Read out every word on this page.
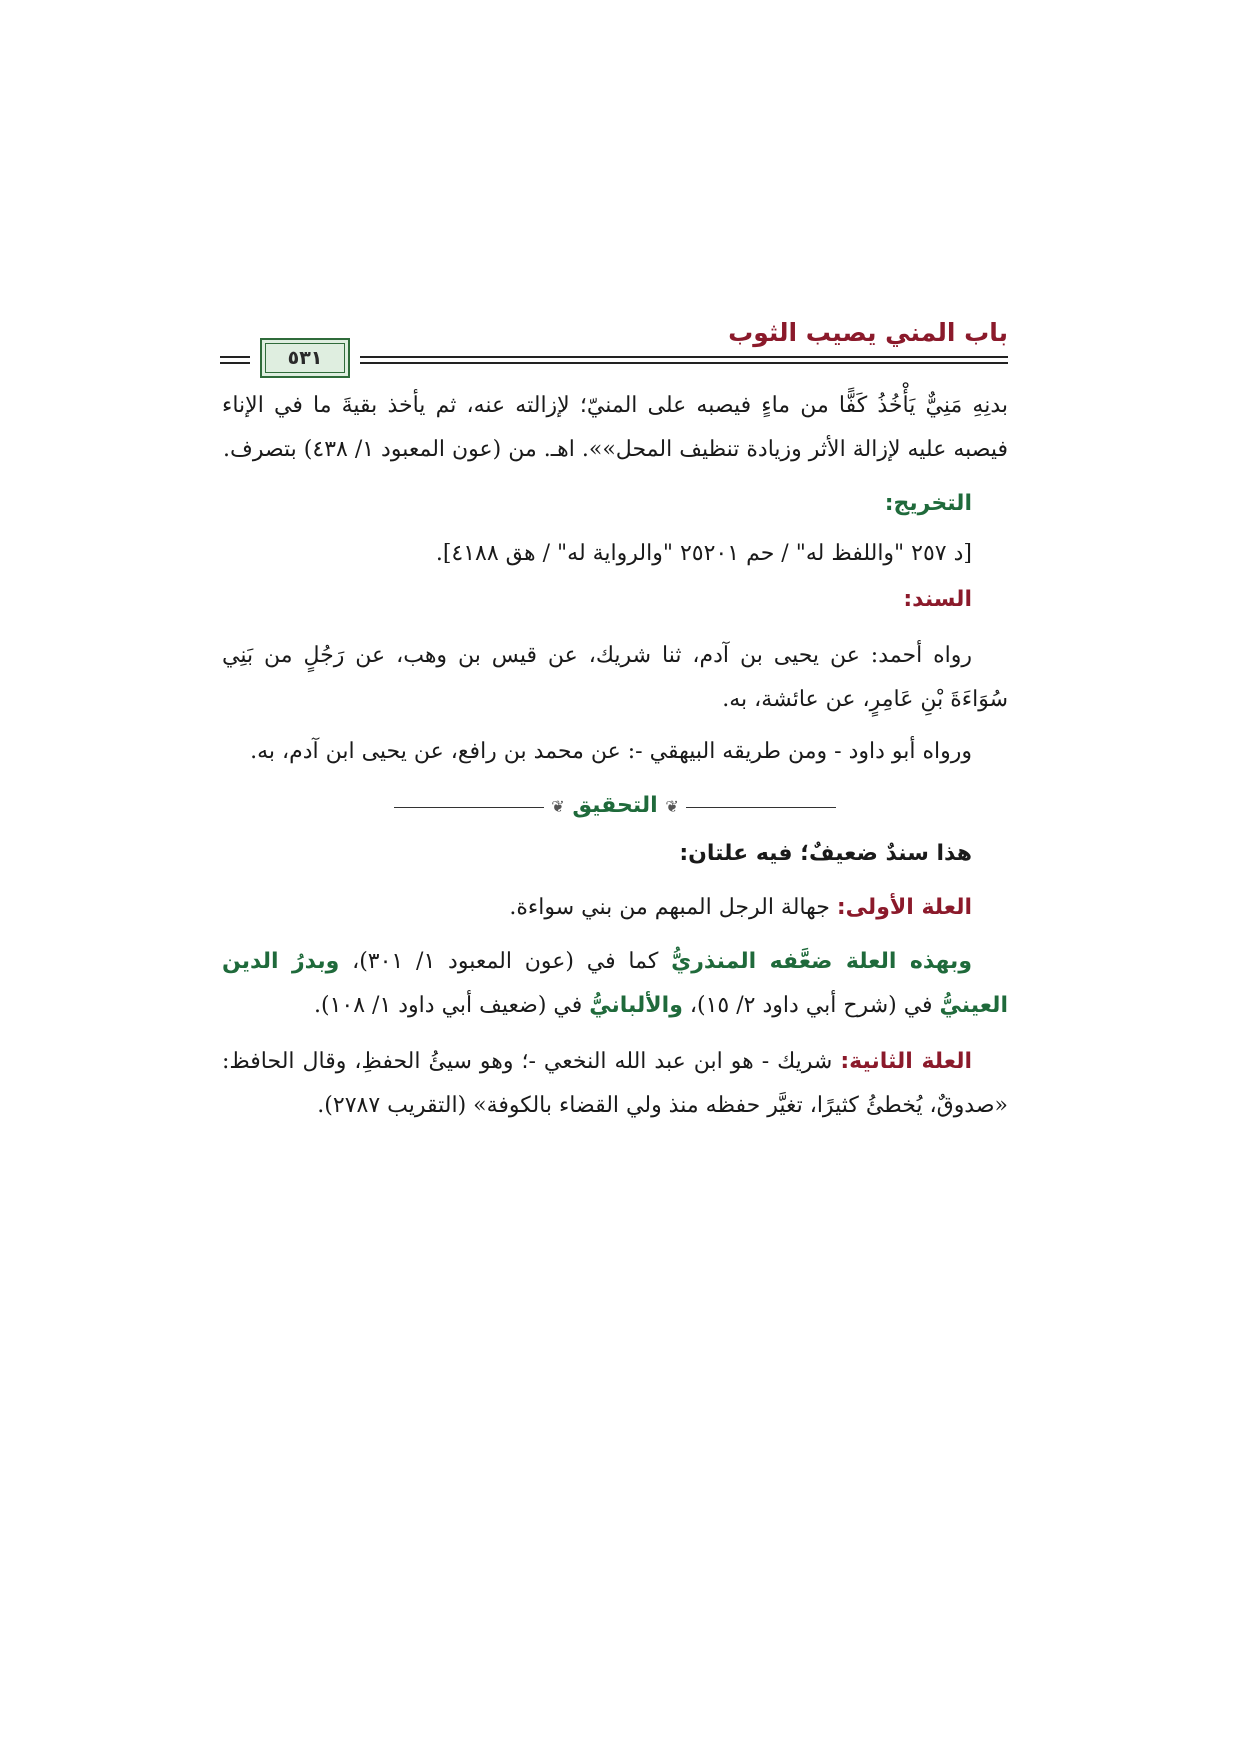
باب المني يصيب الثوب
٥٣١

بدنِهِ مَنِيٌّ يَأْخُذُ كَفًّا من ماءٍ فيصبه على المنيّ؛ لإزالته عنه، ثم يأخذ بقيةَ ما في الإناء فيصبه عليه لإزالة الأثر وزيادة تنظيف المحل»». اهـ. من (عون المعبود ١/ ٤٣٨) بتصرف.

التخريج:

[د ٢٥٧ "واللفظ له" / حم ٢٥٢٠١ "والرواية له" / هق ٤١٨٨].

السند:

رواه أحمد: عن يحيى بن آدم، ثنا شريك، عن قيس بن وهب، عن رَجُلٍ من بَنِي سُوَاءَةَ بْنِ عَامِرٍ، عن عائشة، به.

ورواه أبو داود - ومن طريقه البيهقي -: عن محمد بن رافع، عن يحيى ابن آدم، به.

❦ التحقيق ❦

هذا سندٌ ضعيفٌ؛ فيه علتان:

العلة الأولى: جهالة الرجل المبهم من بني سواءة.

وبهذه العلة ضعَّفه المنذريُّ كما في (عون المعبود ١/ ٣٠١)، وبدرُ الدين العينيُّ في (شرح أبي داود ٢/ ١٥)، والألبانيُّ في (ضعيف أبي داود ١/ ١٠٨).

العلة الثانية: شريك - هو ابن عبد الله النخعي -؛ وهو سيئُ الحفظِ، وقال الحافظ: «صدوقٌ، يُخطئُ كثيرًا، تغيَّر حفظه منذ ولي القضاء بالكوفة» (التقريب ٢٧٨٧).
